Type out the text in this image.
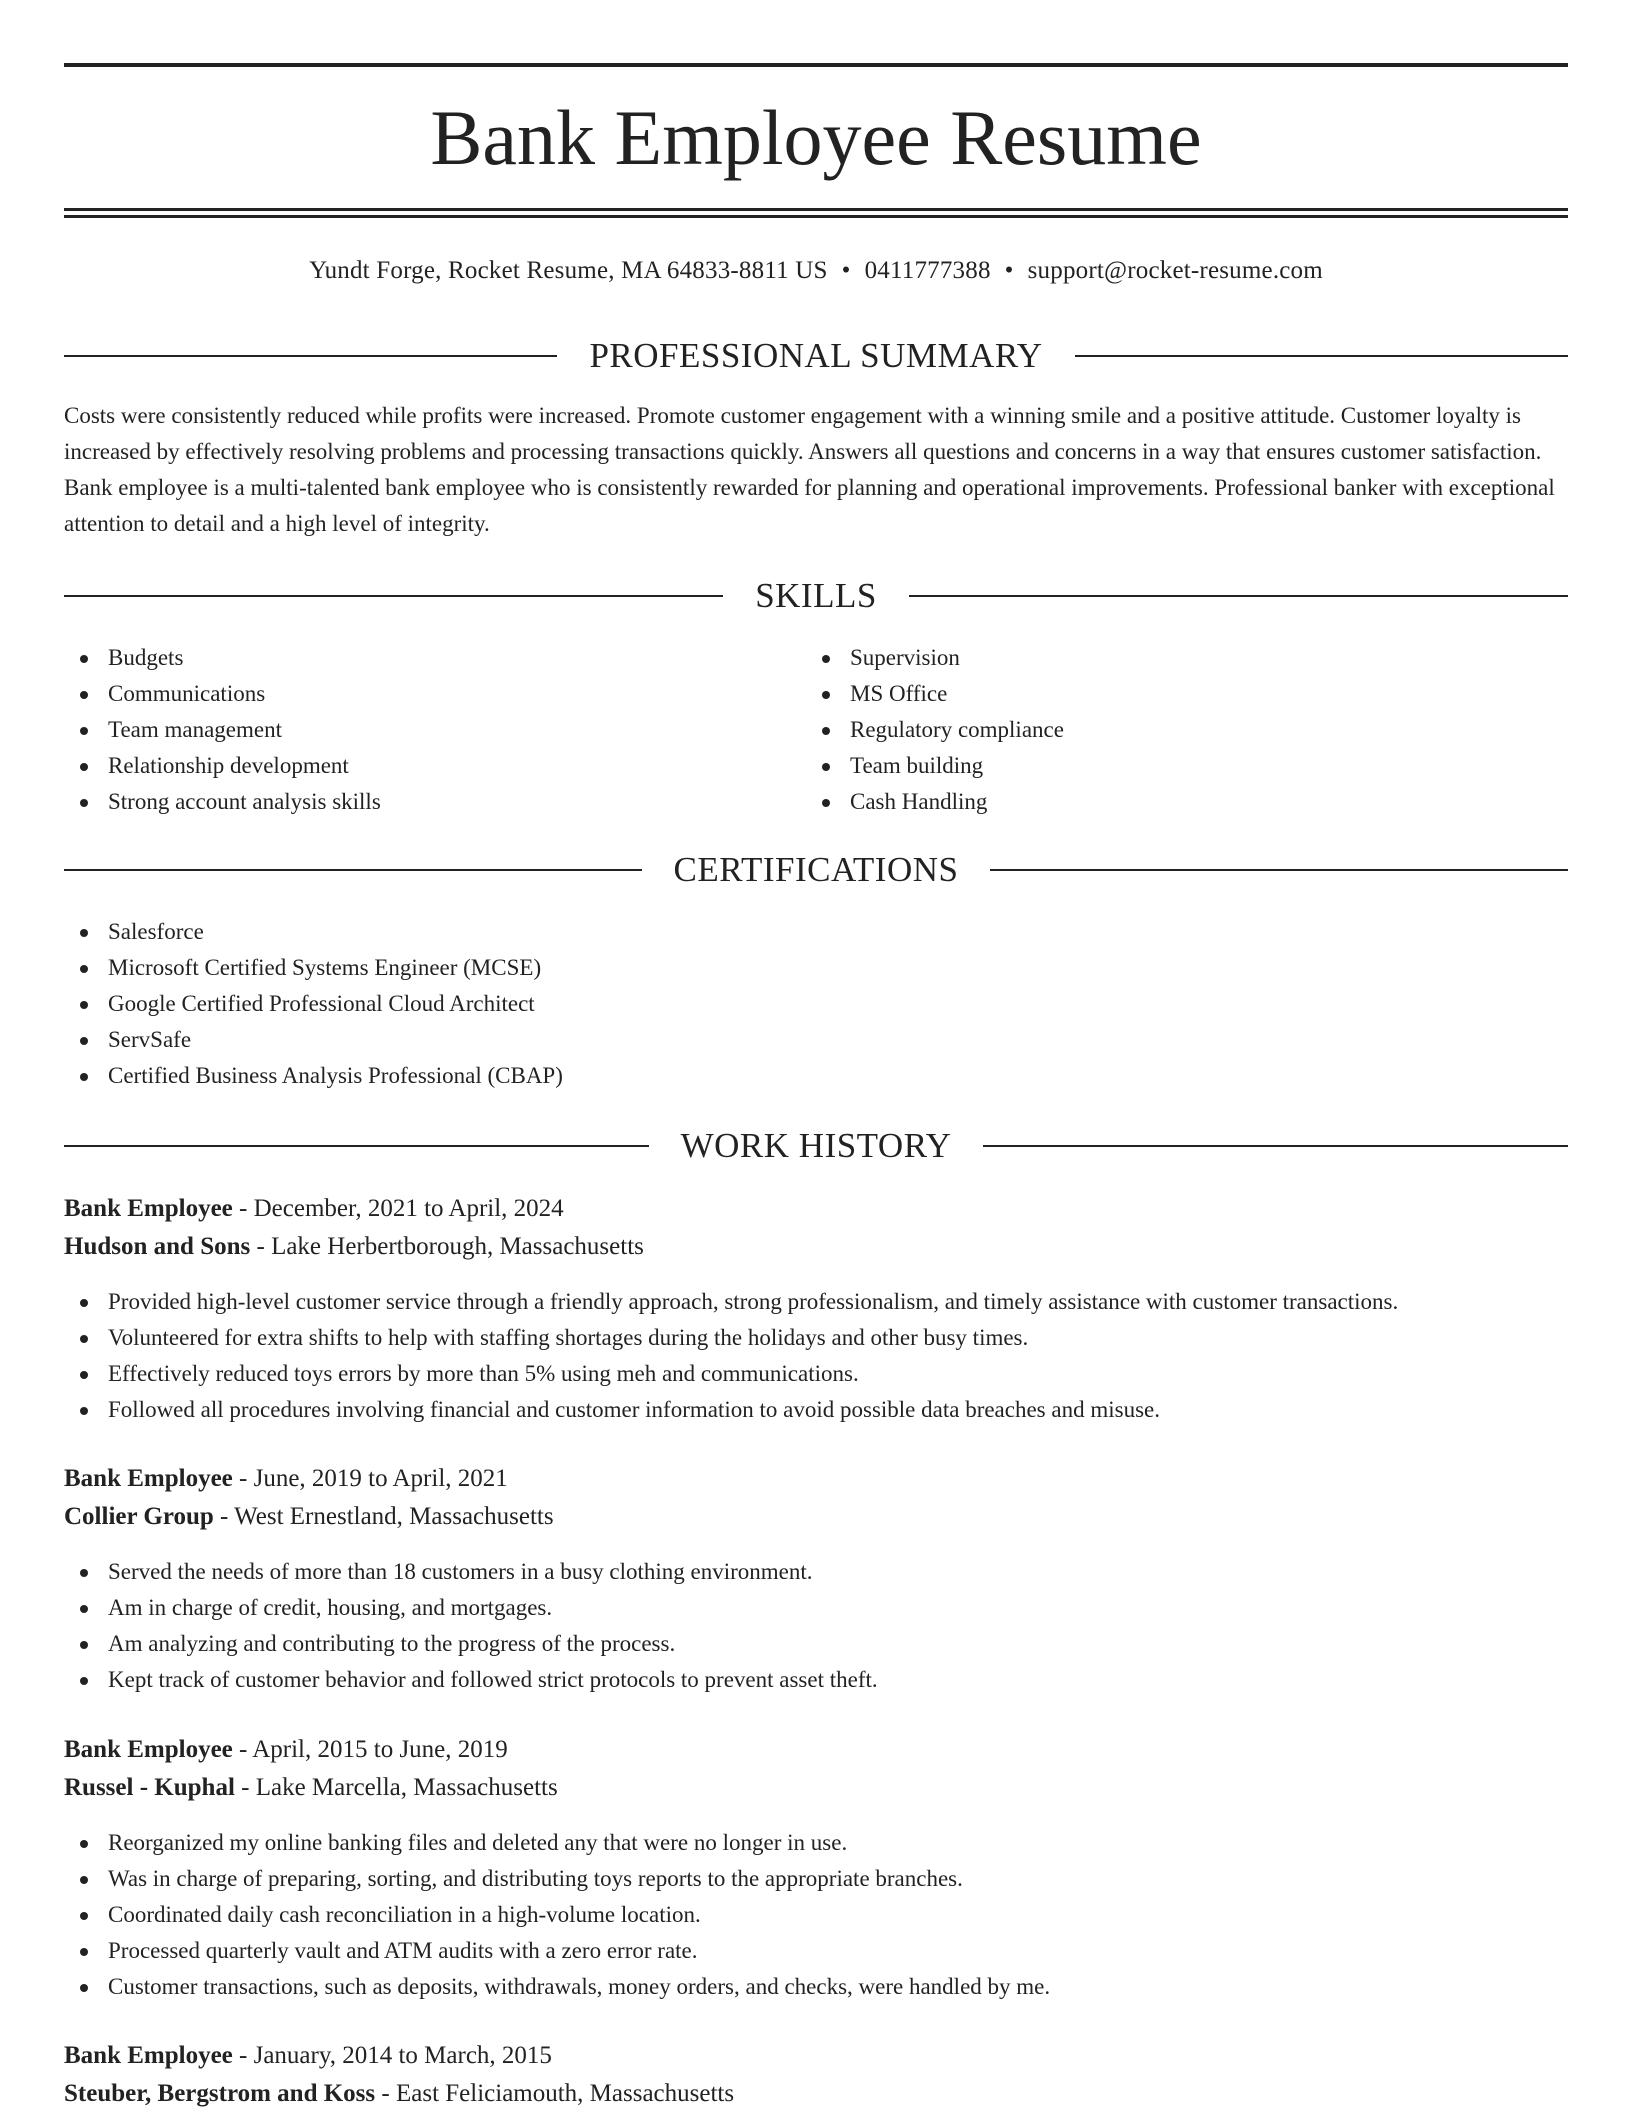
Bank Employee Resume
Yundt Forge, Rocket Resume, MA 64833-8811 US • 0411777388 • support@rocket-resume.com
PROFESSIONAL SUMMARY

Costs were consistently reduced while profits were increased. Promote customer engagement with a winning smile and a positive attitude. Customer loyalty is increased by effectively resolving problems and processing transactions quickly. Answers all questions and concerns in a way that ensures customer satisfaction. Bank employee is a multi-talented bank employee who is consistently rewarded for planning and operational improvements. Professional banker with exceptional attention to detail and a high level of integrity.

SKILLS
Budgets
Communications
Team management
Relationship development
Strong account analysis skills
Supervision
MS Office
Regulatory compliance
Team building
Cash Handling
CERTIFICATIONS
Salesforce
Microsoft Certified Systems Engineer (MCSE)
Google Certified Professional Cloud Architect
ServSafe
Certified Business Analysis Professional (CBAP)
WORK HISTORY
Bank Employee - December, 2021 to April, 2024
Hudson and Sons - Lake Herbertborough, Massachusetts
Provided high-level customer service through a friendly approach, strong professionalism, and timely assistance with customer transactions.
Volunteered for extra shifts to help with staffing shortages during the holidays and other busy times.
Effectively reduced toys errors by more than 5% using meh and communications.
Followed all procedures involving financial and customer information to avoid possible data breaches and misuse.
Bank Employee - June, 2019 to April, 2021
Collier Group - West Ernestland, Massachusetts
Served the needs of more than 18 customers in a busy clothing environment.
Am in charge of credit, housing, and mortgages.
Am analyzing and contributing to the progress of the process.
Kept track of customer behavior and followed strict protocols to prevent asset theft.
Bank Employee - April, 2015 to June, 2019
Russel - Kuphal - Lake Marcella, Massachusetts
Reorganized my online banking files and deleted any that were no longer in use.
Was in charge of preparing, sorting, and distributing toys reports to the appropriate branches.
Coordinated daily cash reconciliation in a high-volume location.
Processed quarterly vault and ATM audits with a zero error rate.
Customer transactions, such as deposits, withdrawals, money orders, and checks, were handled by me.
Bank Employee - January, 2014 to March, 2015
Steuber, Bergstrom and Koss - East Feliciamouth, Massachusetts
